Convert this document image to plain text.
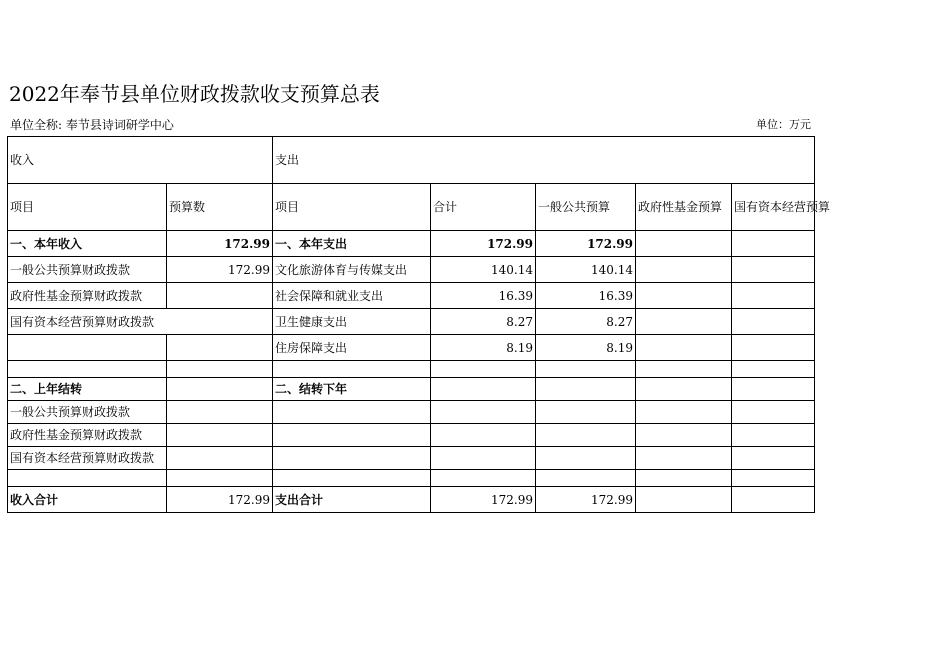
2022年奉节县单位财政拨款收支预算总表
单位全称: 奉节县诗词研学中心	单位：万元
收入		支出				
项目	预算数	项目	合计	一般公共预算	政府性基金预算	国有资本经营预算
一、本年收入	172.99	一、本年支出	172.99	172.99		
一般公共预算财政拨款	172.99	文化旅游体育与传媒支出	140.14	140.14		
政府性基金预算财政拨款		社会保障和就业支出	16.39	16.39		
国有资本经营预算财政拨款		卫生健康支出	8.27	8.27		
		住房保障支出	8.19	8.19		

二、上年结转		二、结转下年				
一般公共预算财政拨款						
政府性基金预算财政拨款						
国有资本经营预算财政拨款						

收入合计	172.99	支出合计	172.99	172.99		
